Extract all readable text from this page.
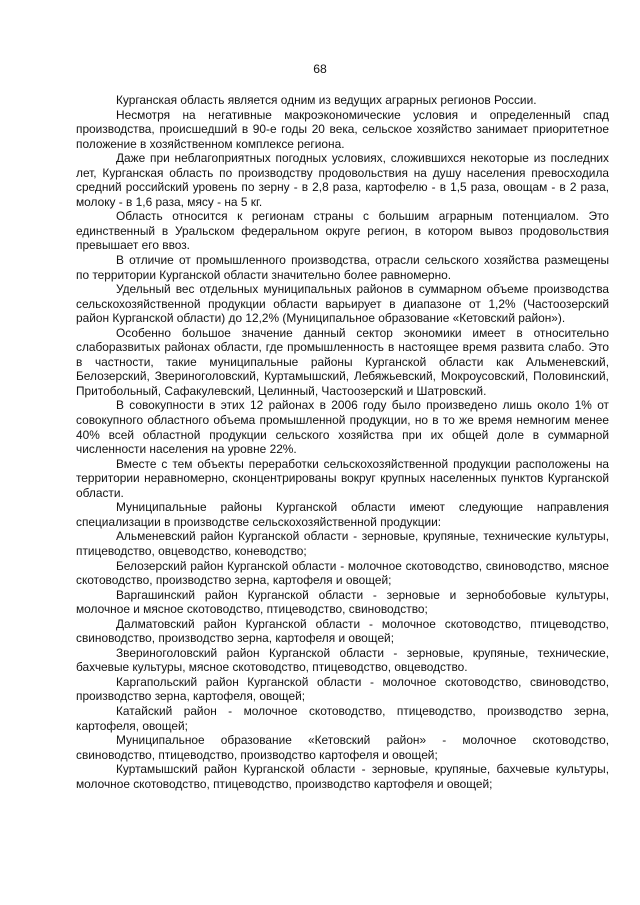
68

Курганская область является одним из ведущих аграрных регионов России.

Несмотря на негативные макроэкономические условия и определенный спад производства, происшедший в 90-е годы 20 века, сельское хозяйство занимает приоритетное положение в хозяйственном комплексе региона.

Даже при неблагоприятных погодных условиях, сложившихся некоторые из последних лет, Курганская область по производству продовольствия на душу населения превосходила средний российский уровень по зерну - в 2,8 раза, картофелю - в 1,5 раза, овощам - в 2 раза, молоку - в 1,6 раза, мясу - на 5 кг.

Область относится к регионам страны с большим аграрным потенциалом. Это единственный в Уральском федеральном округе регион, в котором вывоз продовольствия превышает его ввоз.

В отличие от промышленного производства, отрасли сельского хозяйства размещены по территории Курганской области значительно более равномерно.

Удельный вес отдельных муниципальных районов в суммарном объеме производства сельскохозяйственной продукции области варьирует в диапазоне от 1,2% (Частоозерский район Курганской области) до 12,2% (Муниципальное образование «Кетовский район»).

Особенно большое значение данный сектор экономики имеет в относительно слаборазвитых районах области, где промышленность в настоящее время развита слабо. Это в частности, такие муниципальные районы Курганской области как Альменевский, Белозерский, Звериноголовский, Куртамышский, Лебяжьевский, Мокроусовский, Половинский, Притобольный, Сафакулевский, Целинный, Частоозерский и Шатровский.

В совокупности в этих 12 районах в 2006 году было произведено лишь около 1% от совокупного областного объема промышленной продукции, но в то же время немногим менее 40% всей областной продукции сельского хозяйства при их общей доле в суммарной численности населения на уровне 22%.

Вместе с тем объекты переработки сельскохозяйственной продукции расположены на территории неравномерно, сконцентрированы вокруг крупных населенных пунктов Курганской области.

Муниципальные районы Курганской области имеют следующие направления специализации в производстве сельскохозяйственной продукции:

Альменевский район Курганской области - зерновые, крупяные, технические культуры, птицеводство, овцеводство, коневодство;

Белозерский район Курганской области - молочное скотоводство, свиноводство, мясное скотоводство, производство зерна, картофеля и овощей;

Варгашинский район Курганской области - зерновые и зернобобовые культуры, молочное и мясное скотоводство, птицеводство, свиноводство;

Далматовский район Курганской области - молочное скотоводство, птицеводство, свиноводство, производство зерна, картофеля и овощей;

Звериноголовский район Курганской области - зерновые, крупяные, технические, бахчевые культуры, мясное скотоводство, птицеводство, овцеводство.

Каргапольский район Курганской области - молочное скотоводство, свиноводство, производство зерна, картофеля, овощей;

Катайский район - молочное скотоводство, птицеводство, производство зерна, картофеля, овощей;

Муниципальное образование «Кетовский район» - молочное скотоводство, свиноводство, птицеводство, производство картофеля и овощей;

Куртамышский район Курганской области - зерновые, крупяные, бахчевые культуры, молочное скотоводство, птицеводство, производство картофеля и овощей;
